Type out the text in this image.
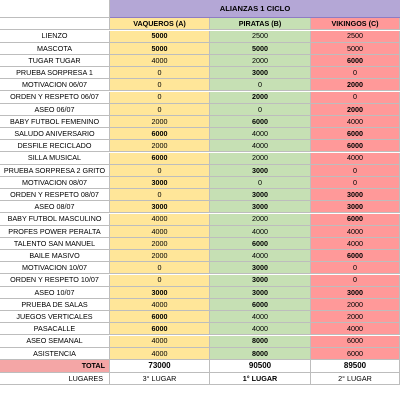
ALIANZAS 1 CICLO
VAQUEROS (A)	PIRATAS (B)	VIKINGOS (C)
LIENZO	5000	2500	2500
MASCOTA	5000	5000	5000
TUGAR TUGAR	4000	2000	6000
PRUEBA SORPRESA 1	0	3000	0
MOTIVACION 06/07	0	0	2000
ORDEN Y RESPETO 06/07	0	2000	0
ASEO 06/07	0	0	2000
BABY FUTBOL FEMENINO	2000	6000	4000
SALUDO ANIVERSARIO	6000	4000	6000
DESFILE RECICLADO	2000	4000	6000
SILLA MUSICAL	6000	2000	4000
PRUEBA SORPRESA 2 GRITO	0	3000	0
MOTIVACION 08/07	3000	0	0
ORDEN Y RESPETO 08/07	0	3000	3000
ASEO 08/07	3000	3000	3000
BABY FUTBOL MASCULINO	4000	2000	6000
PROFES POWER PERALTA	4000	4000	4000
TALENTO SAN MANUEL	2000	6000	4000
BAILE MASIVO	2000	4000	6000
MOTIVACION 10/07	0	3000	0
ORDEN Y RESPETO 10/07	0	3000	0
ASEO 10/07	3000	3000	3000
PRUEBA DE SALAS	4000	6000	2000
JUEGOS VERTICALES	6000	4000	2000
PASACALLE	6000	4000	4000
ASEO SEMANAL	4000	8000	6000
ASISTENCIA	4000	8000	6000
TOTAL	73000	90500	89500
LUGARES	3° LUGAR	1° LUGAR	2° LUGAR
